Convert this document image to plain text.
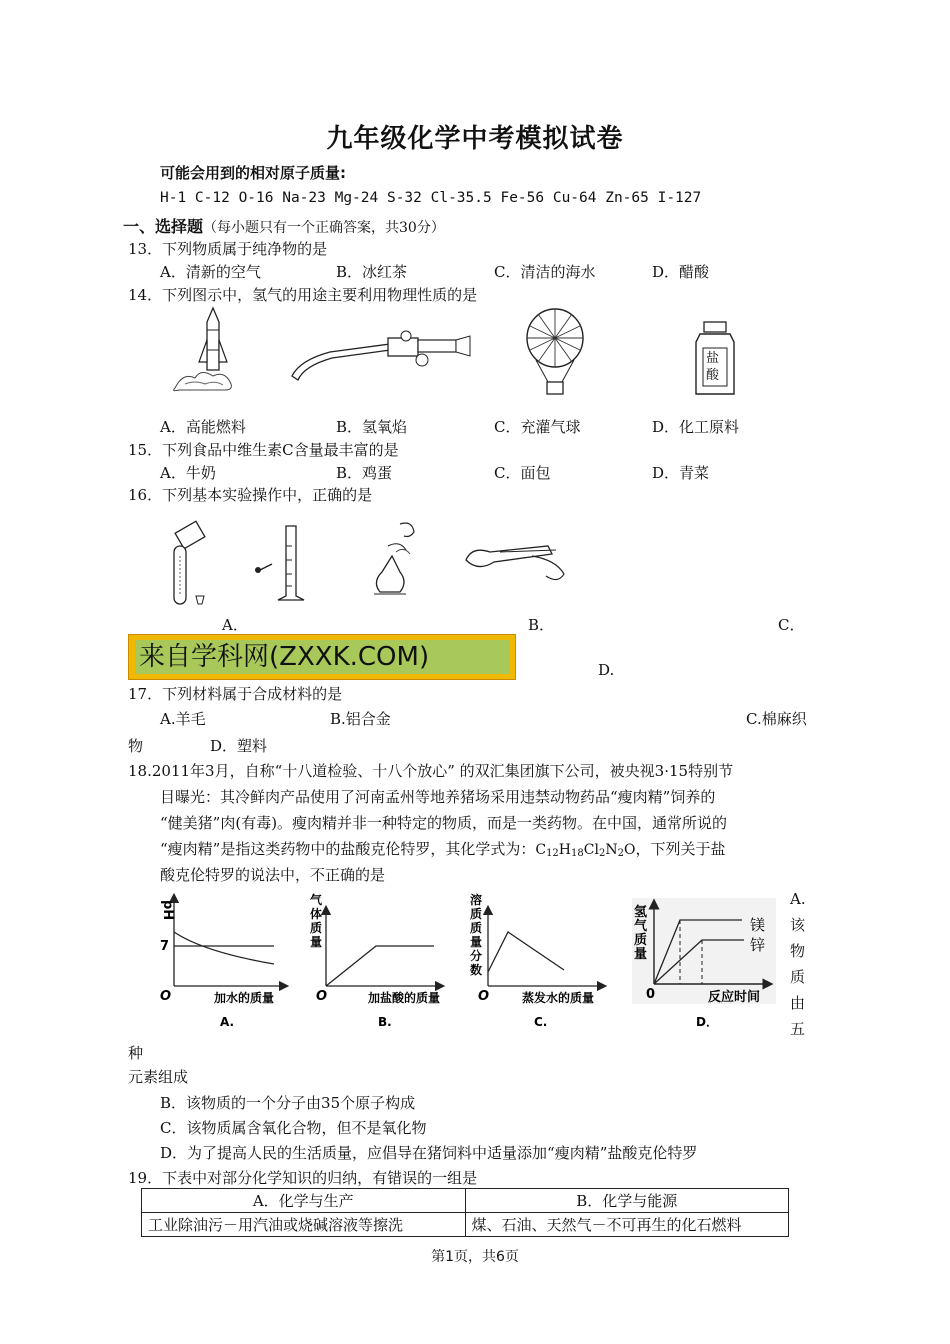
九年级化学中考模拟试卷
可能会用到的相对原子质量:
H-1 C-12 O-16 Na-23 Mg-24 S-32 Cl-35.5 Fe-56 Cu-64 Zn-65 I-127
一、选择题（每小题只有一个正确答案，共30分）
13．下列物质属于纯净物的是
A．清新的空气	B．冰红茶	C．清洁的海水	D．醋酸
14．下列图示中，氢气的用途主要利用物理性质的是
盐酸
A．高能燃料	B．氢氧焰	C．充灌气球	D．化工原料
15．下列食品中维生素C含量最丰富的是
A．牛奶	B．鸡蛋	C．面包	D．青菜
16．下列基本实验操作中，正确的是
A．	B．	C．
来自学科网(ZXXK.COM)	D.
17．下列材料属于合成材料的是
A.羊毛	B.铝合金	C.棉麻织
物	D．塑料
18.2011年3月，自称“十八道检验、十八个放心” 的双汇集团旗下公司，被央视3·15特别节
目曝光：其冷鲜肉产品使用了河南孟州等地养猪场采用违禁动物药品“瘦肉精”饲养的
“健美猪”肉(有毒)。瘦肉精并非一种特定的物质，而是一类药物。在中国，通常所说的
“瘦肉精”是指这类药物中的盐酸克伦特罗，其化学式为：$C_{12}H_{18}Cl_2N_2O$，下列关于盐
酸克伦特罗的说法中，不正确的是
pH
7
O	加水的质量
A.
气
体
质
量
O	加盐酸的质量
B.
溶
质
质
量
分
数
O	蒸发水的质量
C.
氢
气
质
量
镁
锌
0	反应时间
D．
A.
该
物
质
由
五
种
元素组成
B．该物质的一个分子由35个原子构成
C．该物质属含氧化合物，但不是氧化物
D．为了提高人民的生活质量，应倡导在猪饲料中适量添加“瘦肉精”盐酸克伦特罗
19．下表中对部分化学知识的归纳，有错误的一组是
A．化学与生产	B．化学与能源
工业除油污－用汽油或烧碱溶液等擦洗	煤、石油、天然气－不可再生的化石燃料
第1页，共6页
